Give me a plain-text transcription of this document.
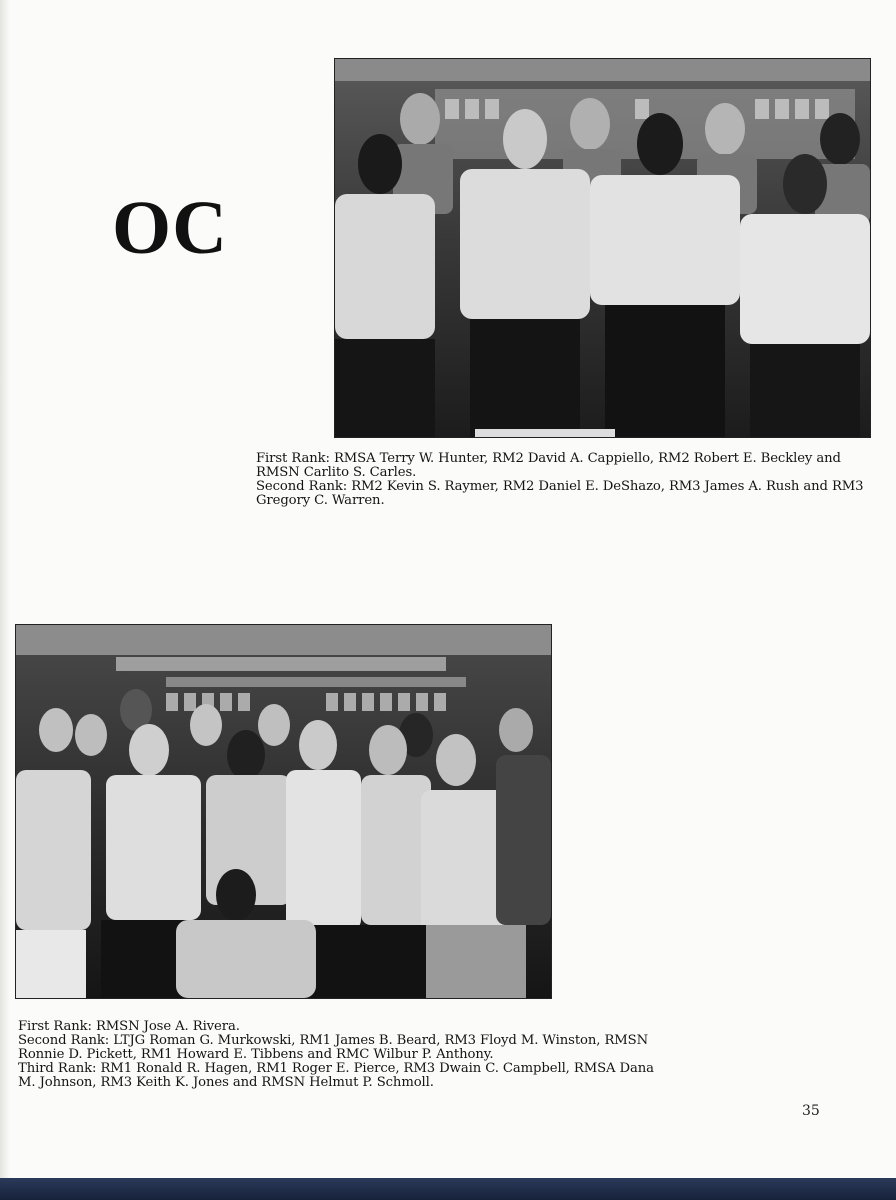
OC

First Rank: RMSA Terry W. Hunter, RM2 David A. Cappiello, RM2 Robert E. Beckley and RMSN Carlito S. Carles.

Second Rank: RM2 Kevin S. Raymer, RM2 Daniel E. DeShazo, RM3 James A. Rush and RM3 Gregory C. Warren.

First Rank: RMSN Jose A. Rivera.

Second Rank: LTJG Roman G. Murkowski, RM1 James B. Beard, RM3 Floyd M. Winston, RMSN Ronnie D. Pickett, RM1 Howard E. Tibbens and RMC Wilbur P. Anthony.

Third Rank: RM1 Ronald R. Hagen, RM1 Roger E. Pierce, RM3 Dwain C. Campbell, RMSA Dana M. Johnson, RM3 Keith K. Jones and RMSN Helmut P. Schmoll.

35
